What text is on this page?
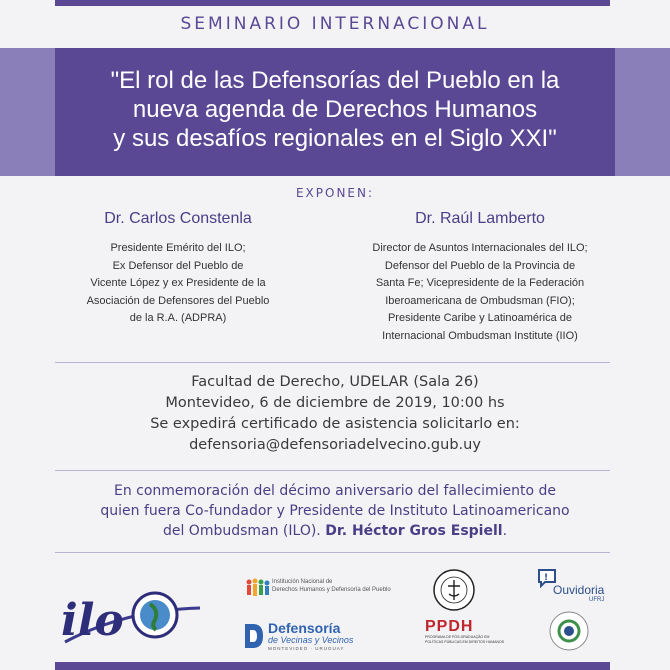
SEMINARIO INTERNACIONAL
"El rol de las Defensorías del Pueblo en la
nueva agenda de Derechos Humanos
y sus desafíos regionales en el Siglo XXI"
EXPONEN:
Dr. Carlos Constenla
Presidente Emérito del ILO;
Ex Defensor del Pueblo de
Vicente López y ex Presidente de la
Asociación de Defensores del Pueblo
de la R.A. (ADPRA)
Dr. Raúl Lamberto
Director de Asuntos Internacionales del ILO;
Defensor del Pueblo de la Provincia de
Santa Fe; Vicepresidente de la Federación
Iberoamericana de Ombudsman (FIO);
Presidente Caribe y Latinoamérica de
Internacional Ombudsman Institute (IIO)
Facultad de Derecho, UDELAR (Sala 26)
Montevideo, 6 de diciembre de 2019, 10:00 hs
Se expedirá certificado de asistencia solicitarlo en:
defensoria@defensoriadelvecino.gub.uy
En conmemoración del décimo aniversario del fallecimiento de
quien fuera Co-fundador y Presidente de Instituto Latinoamericano
del Ombudsman (ILO). Dr. Héctor Gros Espiell.
ilo
Institución Nacional de
Derechos Humanos y Defensoría del Pueblo
Defensoría
de Vecinas y Vecinos
MONTEVIDEO · URUGUAY
PPDH
PROGRAMA DE PÓS-GRADUAÇÃO EM
POLÍTICAS PÚBLICAS EM DIREITOS HUMANOS
!
Ouvidoria
UFRJ
